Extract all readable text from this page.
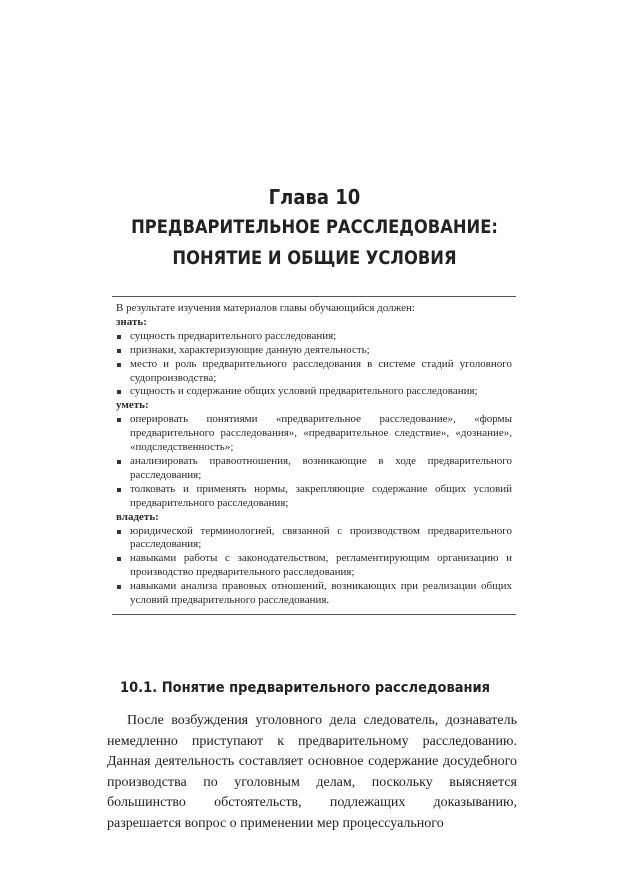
Глава 10
ПРЕДВАРИТЕЛЬНОЕ РАССЛЕДОВАНИЕ:
ПОНЯТИЕ И ОБЩИЕ УСЛОВИЯ

В результате изучения материалов главы обучающийся должен:

знать:

сущность предварительного расследования;
признаки, характеризующие данную деятельность;
место и роль предварительного расследования в системе стадий уголовного судопроизводства;
сущность и содержание общих условий предварительного расследования;

уметь:

оперировать понятиями «предварительное расследование», «формы предварительного расследования», «предварительное следствие», «дознание», «подследственность»;
анализировать правоотношения, возникающие в ходе предварительного расследования;
толковать и применять нормы, закрепляющие содержание общих условий предварительного расследования;

владеть:

юридической терминологией, связанной с производством предварительного расследования;
навыками работы с законодательством, регламентирующим организацию и производство предварительного расследования;
навыками анализа правовых отношений, возникающих при реализации общих условий предварительного расследования.
10.1. Понятие предварительного расследования

После возбуждения уголовного дела следователь, дознаватель немедленно приступают к предварительному расследованию. Данная деятельность составляет основное содержание досудебного производства по уголовным делам, поскольку выясняется большинство обстоятельств, подлежащих доказыванию, разрешается вопрос о применении мер процессуального
